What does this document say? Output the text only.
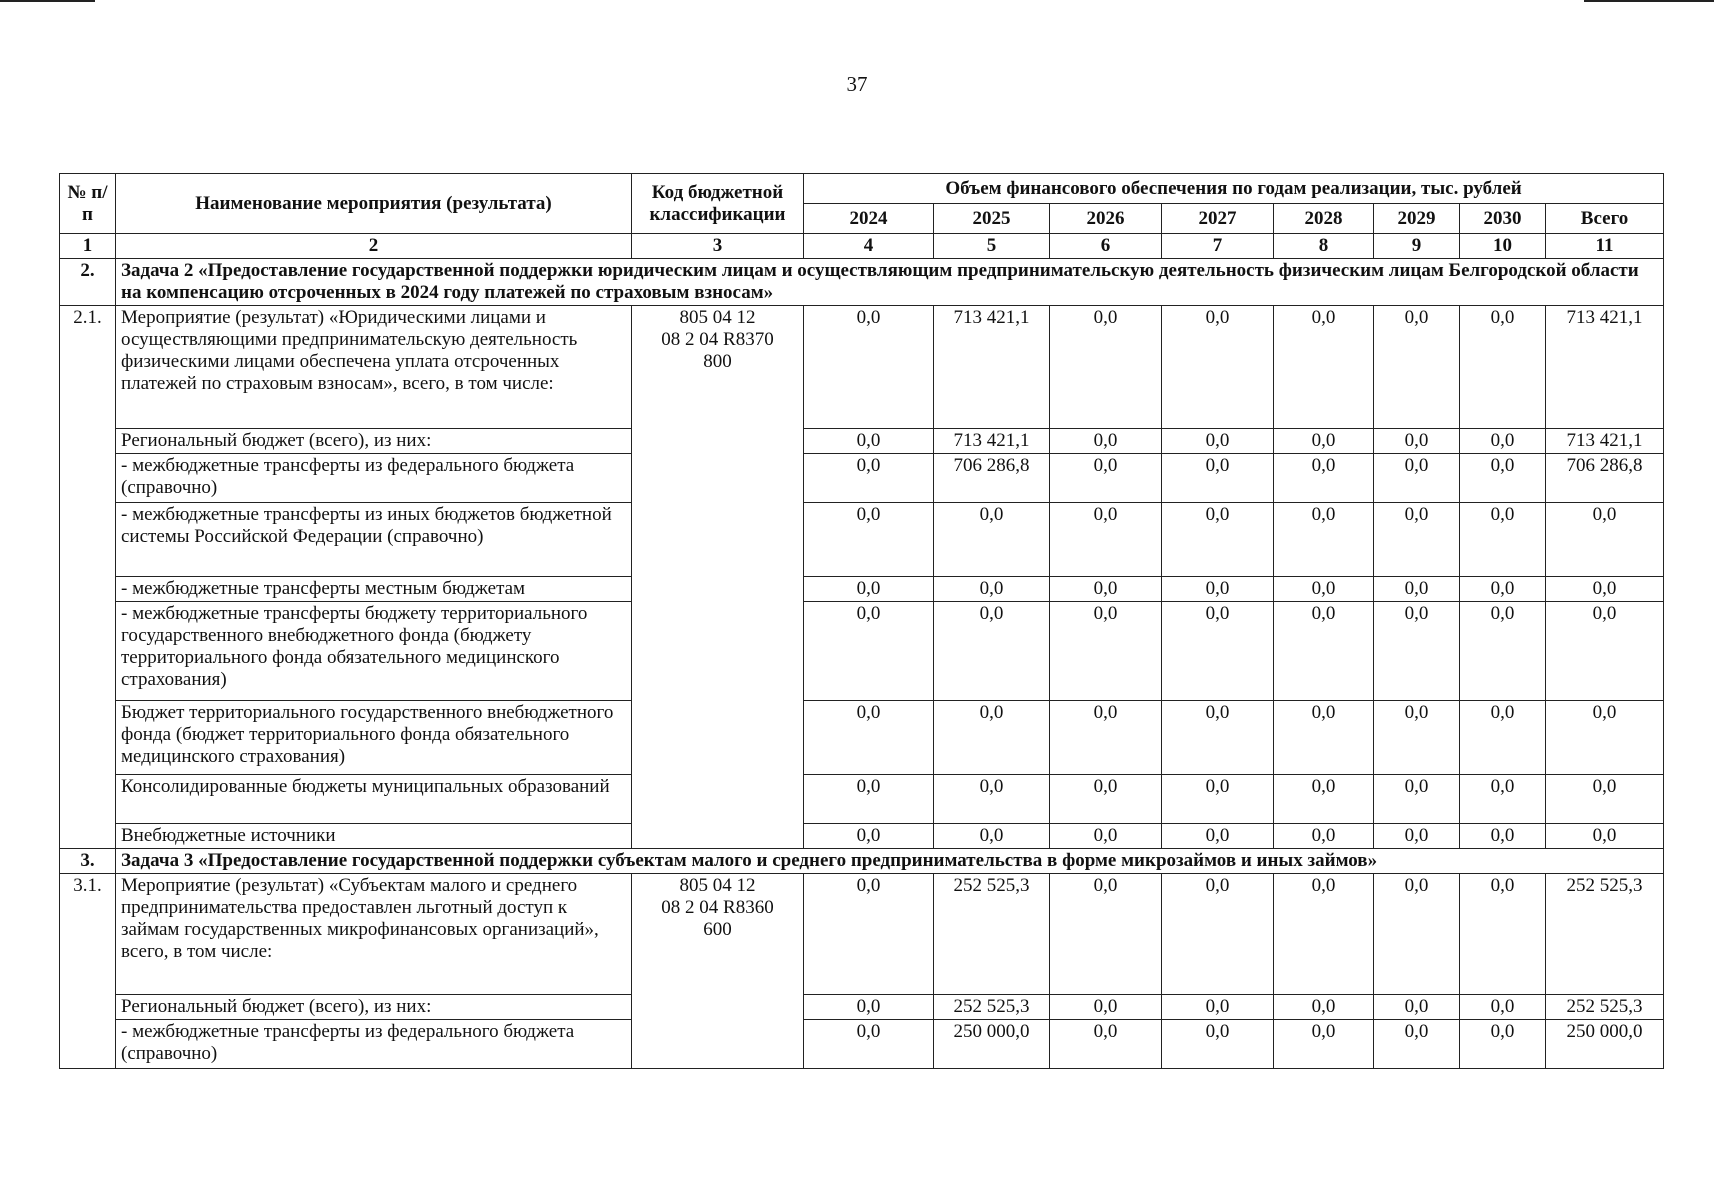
37
№ п/п	Наименование мероприятия (результата)	Код бюджетной классификации	Объем финансового обеспечения по годам реализации, тыс. рублей							
			2024	2025	2026	2027	2028	2029	2030	Всего
1	2	3	4	5	6	7	8	9	10	11
2.	Задача 2 «Предоставление государственной поддержки юридическим лицам и осуществляющим предпринимательскую деятельность физическим лицам Белгородской области на компенсацию отсроченных в 2024 году платежей по страховым взносам»									
2.1.	Мероприятие (результат) «Юридическими лицами и осуществляющими предпринимательскую деятельность физическими лицами обеспечена уплата отсроченных платежей по страховым взносам», всего, в том числе:	805 04 12
08 2 04 R8370
800	0,0	713 421,1	0,0	0,0	0,0	0,0	0,0	713 421,1
	Региональный бюджет (всего), из них:		0,0	713 421,1	0,0	0,0	0,0	0,0	0,0	713 421,1
	- межбюджетные трансферты из федерального бюджета (справочно)		0,0	706 286,8	0,0	0,0	0,0	0,0	0,0	706 286,8
	- межбюджетные трансферты из иных бюджетов бюджетной системы Российской Федерации (справочно)		0,0	0,0	0,0	0,0	0,0	0,0	0,0	0,0
	- межбюджетные трансферты местным бюджетам		0,0	0,0	0,0	0,0	0,0	0,0	0,0	0,0
	- межбюджетные трансферты бюджету территориального государственного внебюджетного фонда (бюджету территориального фонда обязательного медицинского страхования)		0,0	0,0	0,0	0,0	0,0	0,0	0,0	0,0
	Бюджет территориального государственного внебюджетного фонда (бюджет территориального фонда обязательного медицинского страхования)		0,0	0,0	0,0	0,0	0,0	0,0	0,0	0,0
	Консолидированные бюджеты муниципальных образований		0,0	0,0	0,0	0,0	0,0	0,0	0,0	0,0
	Внебюджетные источники		0,0	0,0	0,0	0,0	0,0	0,0	0,0	0,0
3.	Задача 3 «Предоставление государственной поддержки субъектам малого и среднего предпринимательства в форме микрозаймов и иных займов»									
3.1.	Мероприятие (результат) «Субъектам малого и среднего предпринимательства предоставлен льготный доступ к займам государственных микрофинансовых организаций», всего, в том числе:	805 04 12
08 2 04 R8360
600	0,0	252 525,3	0,0	0,0	0,0	0,0	0,0	252 525,3
	Региональный бюджет (всего), из них:		0,0	252 525,3	0,0	0,0	0,0	0,0	0,0	252 525,3
	- межбюджетные трансферты из федерального бюджета (справочно)		0,0	250 000,0	0,0	0,0	0,0	0,0	0,0	250 000,0
